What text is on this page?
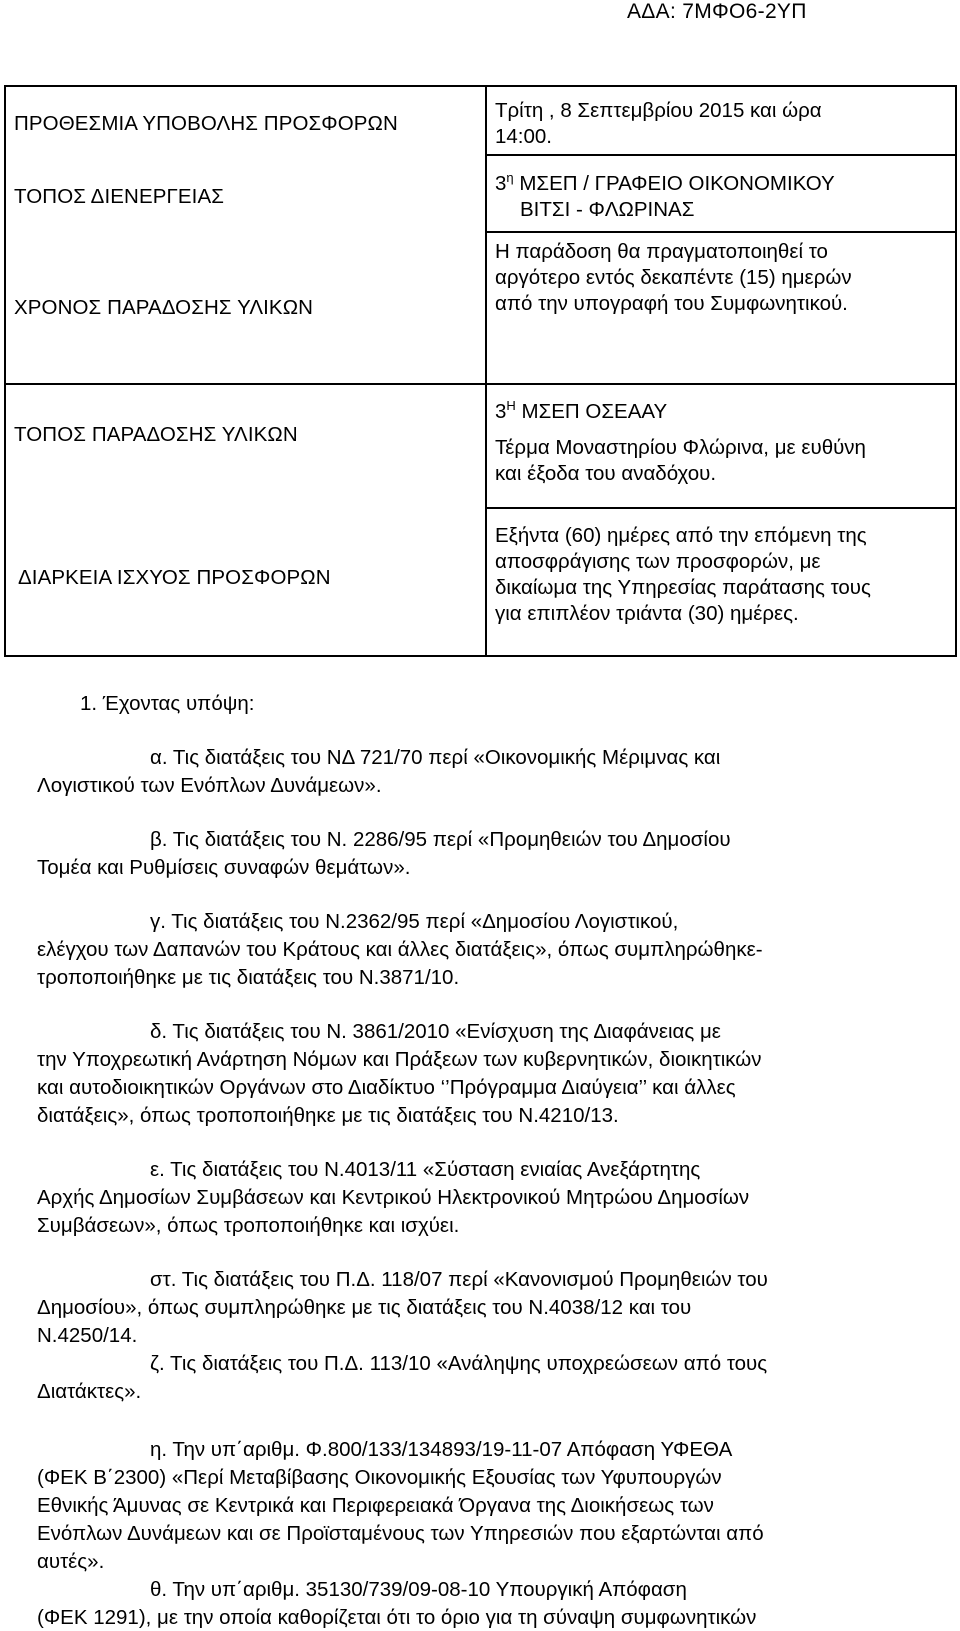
ΑΔΑ: 7ΜΦΟ6-2ΥΠ
ΠΡΟΘΕΣΜΙΑ ΥΠΟΒΟΛΗΣ ΠΡΟΣΦΟΡΩΝ

Τρίτη , 8 Σεπτεμβρίου 2015 και ώρα

14:00.

ΤΟΠΟΣ ΔΙΕΝΕΡΓΕΙΑΣ

$3^\eta$ ΜΣΕΠ / ΓΡΑΦΕΙΟ ΟΙΚΟΝΟΜΙΚΟΥ

ΒΙΤΣΙ - ΦΛΩΡΙΝΑΣ

ΧΡΟΝΟΣ ΠΑΡΑΔΟΣΗΣ ΥΛΙΚΩΝ

Η παράδοση θα πραγματοποιηθεί το

αργότερο εντός δεκαπέντε (15) ημερών

από την υπογραφή του Συμφωνητικού.

ΤΟΠΟΣ ΠΑΡΑΔΟΣΗΣ ΥΛΙΚΩΝ

$3^H$ ΜΣΕΠ ΟΣΕΑΑΥ

Τέρμα Μοναστηρίου Φλώρινα, με ευθύνη

και έξοδα του αναδόχου.

ΔΙΑΡΚΕΙΑ ΙΣΧΥΟΣ ΠΡΟΣΦΟΡΩΝ

Εξήντα (60) ημέρες από την επόμενη της

αποσφράγισης των προσφορών, με

δικαίωμα της Υπηρεσίας παράτασης τους

για επιπλέον τριάντα (30) ημέρες.

1. Έχοντας υπόψη:
α. Τις διατάξεις του ΝΔ 721/70 περί «Οικονομικής Μέριμνας και
Λογιστικού των Ενόπλων Δυνάμεων».
β. Τις διατάξεις του Ν. 2286/95 περί «Προμηθειών του Δημοσίου
Τομέα και Ρυθμίσεις συναφών θεμάτων».
γ. Τις διατάξεις του Ν.2362/95 περί «Δημοσίου Λογιστικού,
ελέγχου των Δαπανών του Κράτους και άλλες διατάξεις», όπως συμπληρώθηκε-
τροποποιήθηκε με τις διατάξεις του Ν.3871/10.
δ. Τις διατάξεις του Ν. 3861/2010 «Ενίσχυση της Διαφάνειας με
την Υποχρεωτική Ανάρτηση Νόμων και Πράξεων των κυβερνητικών, διοικητικών
και αυτοδιοικητικών Οργάνων στο Διαδίκτυο ‘’Πρόγραμμα Διαύγεια’’ και άλλες
διατάξεις», όπως τροποποιήθηκε με τις διατάξεις του Ν.4210/13.
ε. Τις διατάξεις του Ν.4013/11 «Σύσταση ενιαίας Ανεξάρτητης
Αρχής Δημοσίων Συμβάσεων και Κεντρικού Ηλεκτρονικού Μητρώου Δημοσίων
Συμβάσεων», όπως τροποποιήθηκε και ισχύει.
στ. Τις διατάξεις του Π.Δ. 118/07 περί «Κανονισμού Προμηθειών του
Δημοσίου», όπως συμπληρώθηκε με τις διατάξεις του Ν.4038/12 και του
Ν.4250/14.
ζ. Τις διατάξεις του Π.Δ. 113/10 «Ανάληψης υποχρεώσεων από τους
Διατάκτες».
η. Την υπ΄αριθμ. Φ.800/133/134893/19-11-07 Απόφαση ΥΦΕΘΑ
(ΦΕΚ Β΄2300) «Περί Μεταβίβασης Οικονομικής Εξουσίας των Υφυπουργών
Εθνικής Άμυνας σε Κεντρικά και Περιφερειακά Όργανα της Διοικήσεως των
Ενόπλων Δυνάμεων και σε Προϊσταμένους των Υπηρεσιών που εξαρτώνται από
αυτές».
θ. Την υπ΄αριθμ. 35130/739/09-08-10 Υπουργική Απόφαση
(ΦΕΚ 1291), με την οποία καθορίζεται ότι το όριο για τη σύναψη συμφωνητικών
